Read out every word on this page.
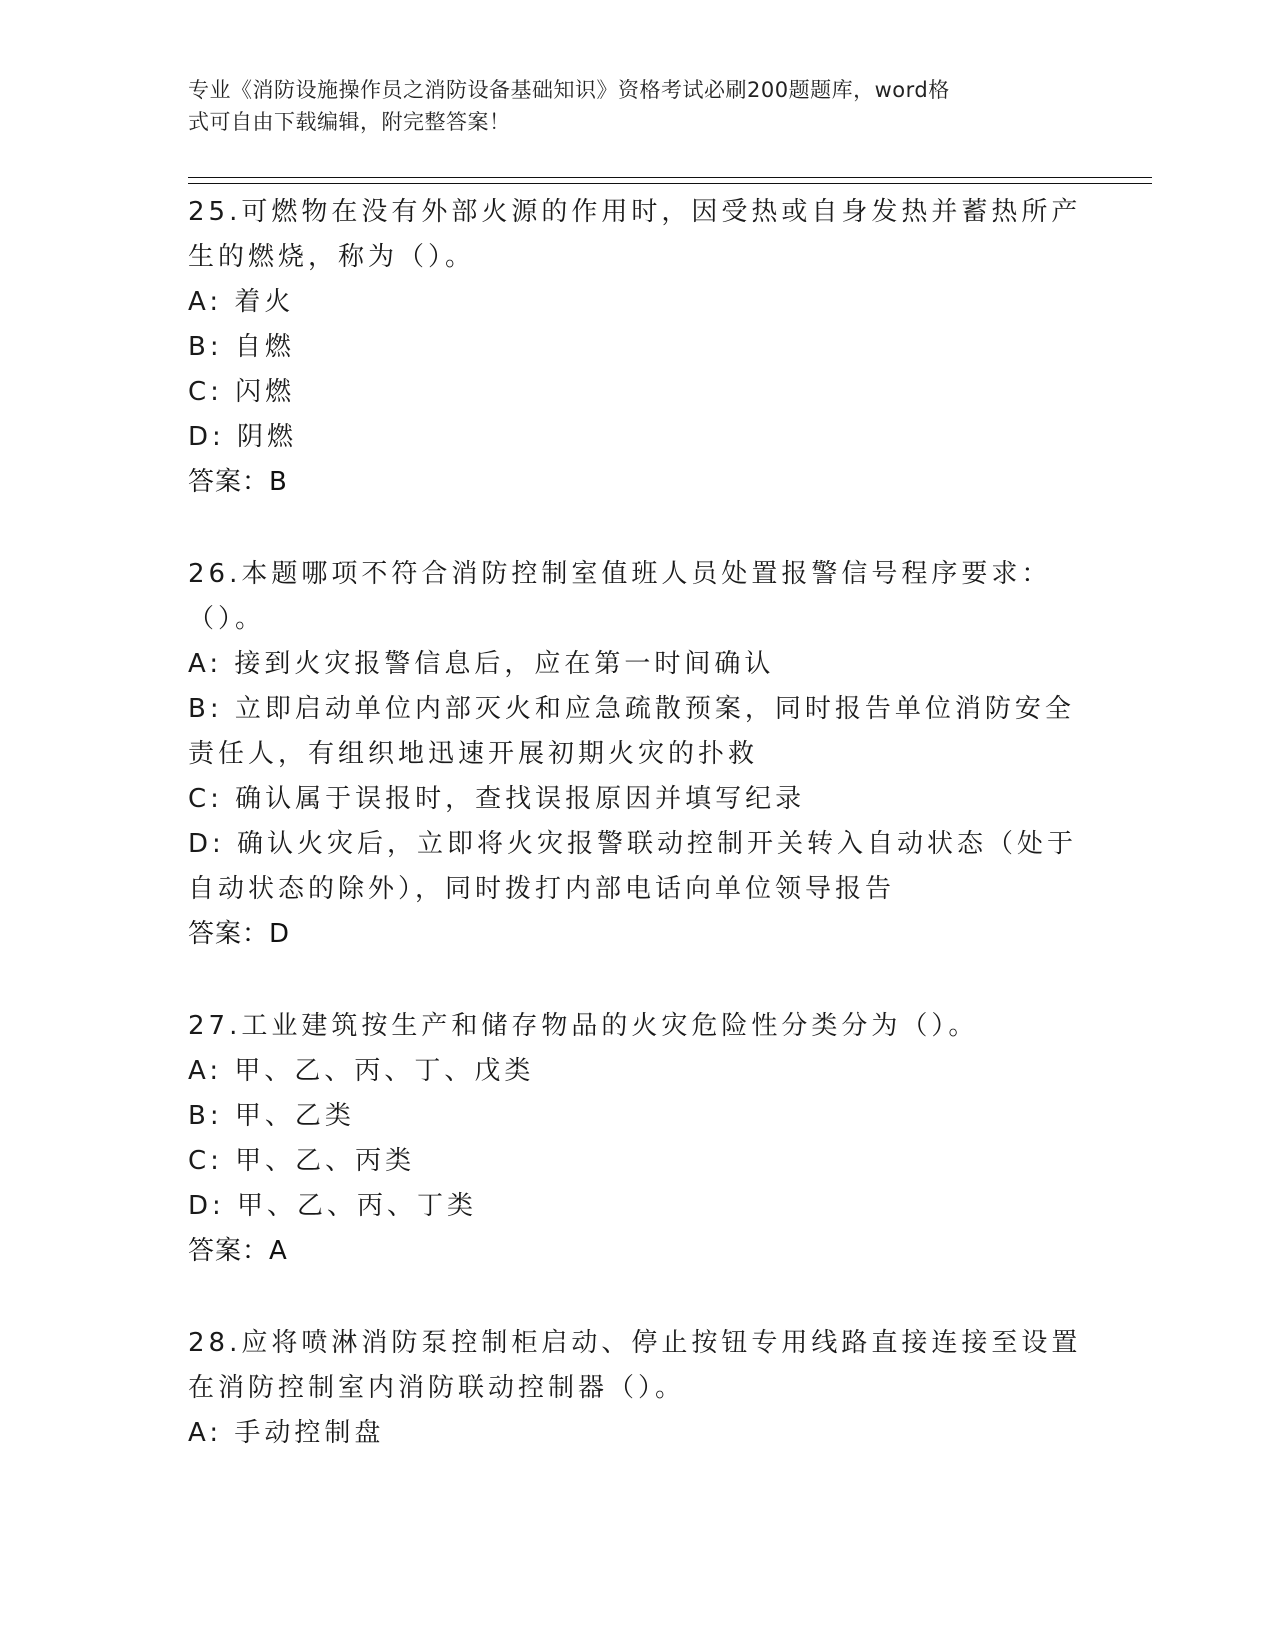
专业《消防设施操作员之消防设备基础知识》资格考试必刷200题题库，word格
式可自由下载编辑，附完整答案！
25.可燃物在没有外部火源的作用时，因受热或自身发热并蓄热所产生的燃烧，称为（）。
A: 着火
B: 自燃
C: 闪燃
D: 阴燃
答案：B
26.本题哪项不符合消防控制室值班人员处置报警信号程序要求：（）。
A: 接到火灾报警信息后，应在第一时间确认
B: 立即启动单位内部灭火和应急疏散预案，同时报告单位消防安全责任人，有组织地迅速开展初期火灾的扑救
C: 确认属于误报时，查找误报原因并填写纪录
D: 确认火灾后，立即将火灾报警联动控制开关转入自动状态（处于自动状态的除外），同时拨打内部电话向单位领导报告
答案：D
27.工业建筑按生产和储存物品的火灾危险性分类分为（）。
A: 甲、乙、丙、丁、戊类
B: 甲、乙类
C: 甲、乙、丙类
D: 甲、乙、丙、丁类
答案：A
28.应将喷淋消防泵控制柜启动、停止按钮专用线路直接连接至设置在消防控制室内消防联动控制器（）。
A: 手动控制盘
